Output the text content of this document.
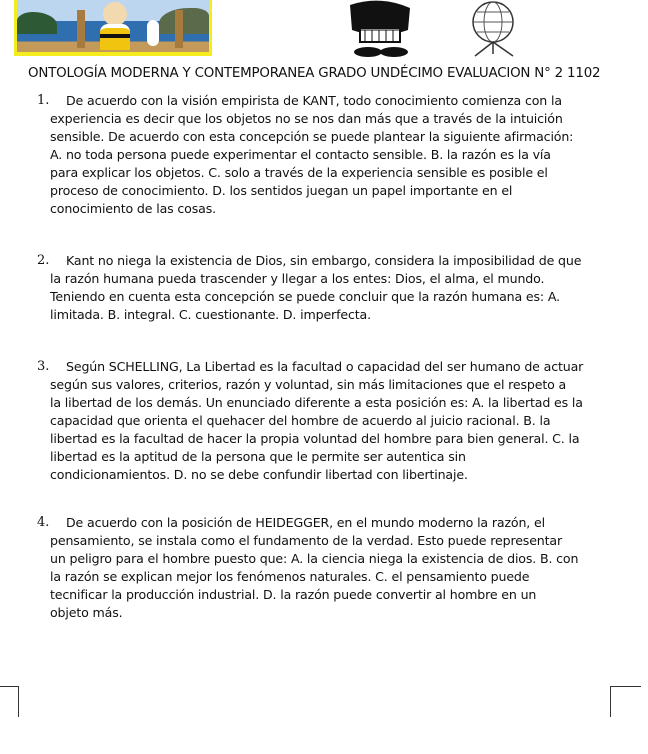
ONTOLOGÍA MODERNA Y CONTEMPORANEA GRADO UNDÉCIMO EVALUACION N° 2 1102
1. De acuerdo con la visión empirista de KANT, todo conocimiento comienza con la
experiencia es decir que los objetos no se nos dan más que a través de la intuición
sensible. De acuerdo con esta concepción se puede plantear la siguiente afirmación:
A. no toda persona puede experimentar el contacto sensible. B. la razón es la vía
para explicar los objetos. C. solo a través de la experiencia sensible es posible el
proceso de conocimiento. D. los sentidos juegan un papel importante en el
conocimiento de las cosas.
2. Kant no niega la existencia de Dios, sin embargo, considera la imposibilidad de que
la razón humana pueda trascender y llegar a los entes: Dios, el alma, el mundo.
Teniendo en cuenta esta concepción se puede concluir que la razón humana es: A.
limitada. B. integral. C. cuestionante. D. imperfecta.
3. Según SCHELLING, La Libertad es la facultad o capacidad del ser humano de actuar
según sus valores, criterios, razón y voluntad, sin más limitaciones que el respeto a
la libertad de los demás. Un enunciado diferente a esta posición es: A. la libertad es la
capacidad que orienta el quehacer del hombre de acuerdo al juicio racional. B. la
libertad es la facultad de hacer la propia voluntad del hombre para bien general. C. la
libertad es la aptitud de la persona que le permite ser autentica sin
condicionamientos. D. no se debe confundir libertad con libertinaje.
4. De acuerdo con la posición de HEIDEGGER, en el mundo moderno la razón, el
pensamiento, se instala como el fundamento de la verdad. Esto puede representar
un peligro para el hombre puesto que: A. la ciencia niega la existencia de dios. B. con
la razón se explican mejor los fenómenos naturales. C. el pensamiento puede
tecnificar la producción industrial. D. la razón puede convertir al hombre en un
objeto más.
